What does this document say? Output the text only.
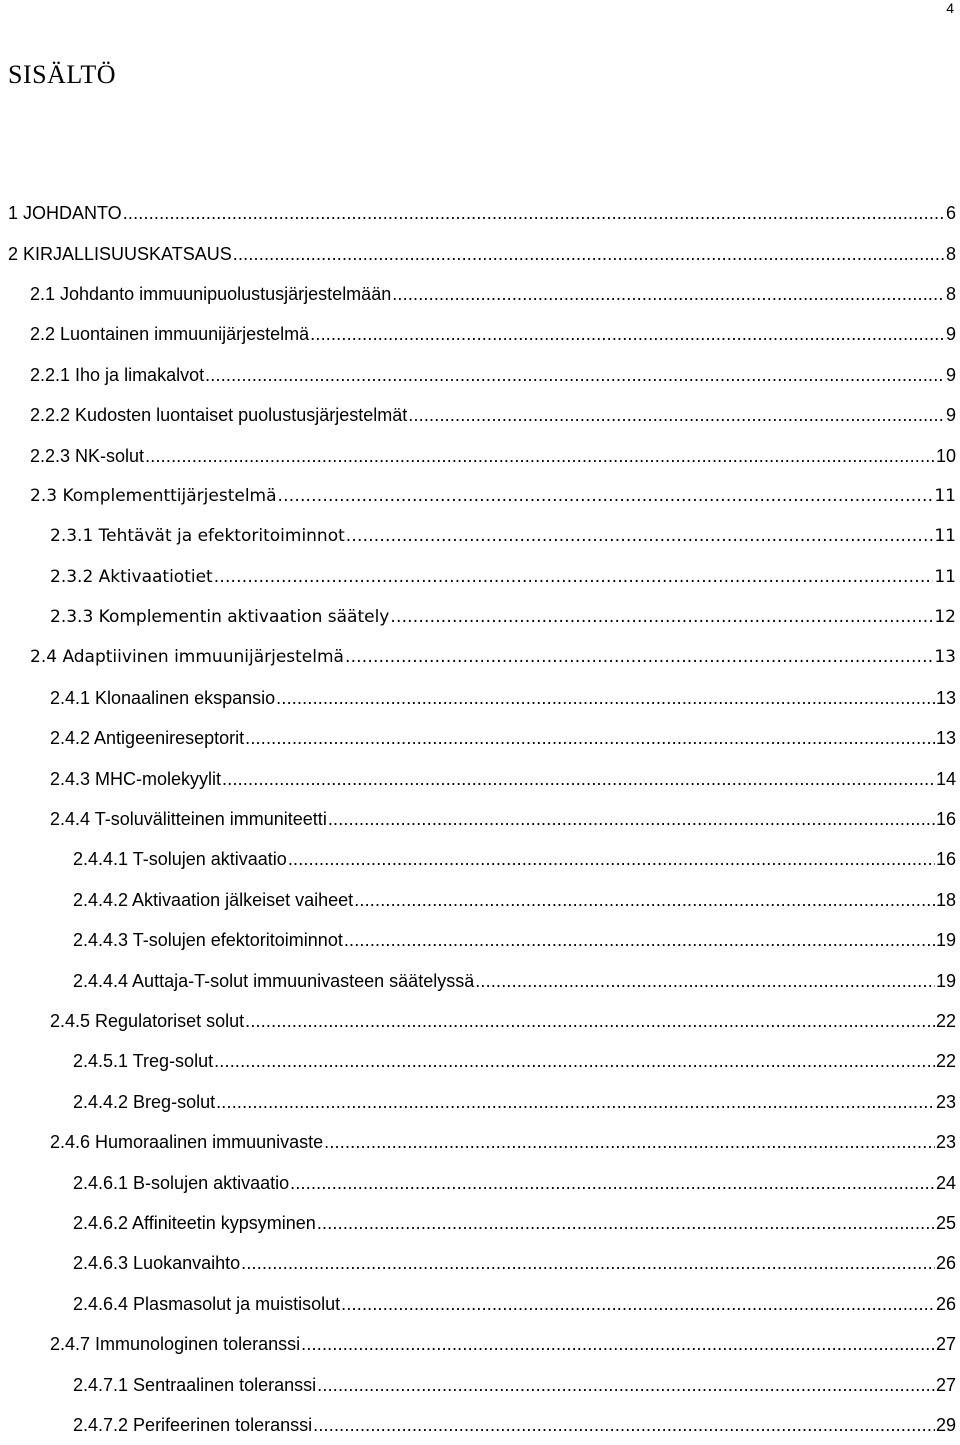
4
SISÄLTÖ
1 JOHDANTO .....	6
2 KIRJALLISUUSKATSAUS .....	8
2.1 Johdanto immuunipuolustusjärjestelmään .....	8
2.2 Luontainen immuunijärjestelmä .....	9
2.2.1 Iho ja limakalvot .....	9
2.2.2 Kudosten luontaiset puolustusjärjestelmät .....	9
2.2.3 NK-solut .....	10
2.3 Komplementtijärjestelmä .....	11
2.3.1 Tehtävät ja efektoritoiminnot .....	11
2.3.2 Aktivaatiotiet .....	11
2.3.3 Komplementin aktivaation säätely .....	12
2.4 Adaptiivinen immuunijärjestelmä .....	13
2.4.1 Klonaalinen ekspansio .....	13
2.4.2 Antigeenireseptorit .....	13
2.4.3 MHC-molekyylit .....	14
2.4.4 T-soluvälitteinen immuniteetti .....	16
2.4.4.1 T-solujen aktivaatio .....	16
2.4.4.2 Aktivaation jälkeiset vaiheet .....	18
2.4.4.3 T-solujen efektoritoiminnot .....	19
2.4.4.4 Auttaja-T-solut immuunivasteen säätelyssä .....	19
2.4.5 Regulatoriset solut .....	22
2.4.5.1 Treg-solut .....	22
2.4.4.2 Breg-solut .....	23
2.4.6 Humoraalinen immuunivaste .....	23
2.4.6.1 B-solujen aktivaatio .....	24
2.4.6.2 Affiniteetin kypsyminen .....	25
2.4.6.3 Luokanvaihto .....	26
2.4.6.4 Plasmasolut ja muistisolut .....	26
2.4.7 Immunologinen toleranssi .....	27
2.4.7.1 Sentraalinen toleranssi .....	27
2.4.7.2 Perifeerinen toleranssi .....	29
